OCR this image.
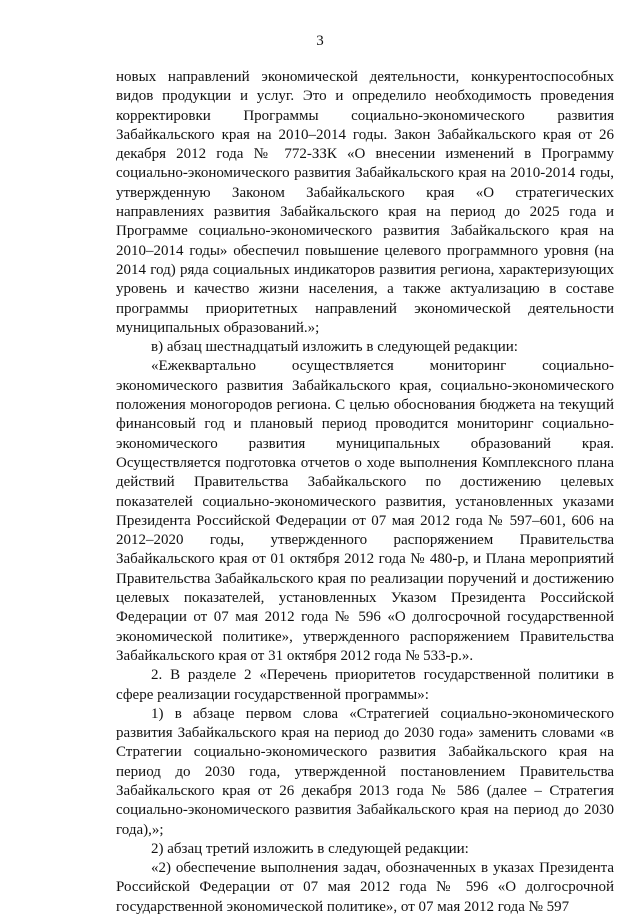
3

новых направлений экономической деятельности, конкурентоспособных видов продукции и услуг. Это и определило необходимость проведения корректировки Программы социально-экономического развития Забайкальского края на 2010–2014 годы. Закон Забайкальского края от 26 декабря 2012 года № 772-ЗЗК «О внесении изменений в Программу социально-экономического развития Забайкальского края на 2010-2014 годы, утвержденную Законом Забайкальского края «О стратегических направлениях развития Забайкальского края на период до 2025 года и Программе социально-экономического развития Забайкальского края на 2010–2014 годы» обеспечил повышение целевого программного уровня (на 2014 год) ряда социальных индикаторов развития региона, характеризующих уровень и качество жизни населения, а также актуализацию в составе программы приоритетных направлений экономической деятельности муниципальных образований.»;

в) абзац шестнадцатый изложить в следующей редакции:

«Ежеквартально осуществляется мониторинг социально-экономического развития Забайкальского края, социально-экономического положения моногородов региона. С целью обоснования бюджета на текущий финансовый год и плановый период проводится мониторинг социально-экономического развития муниципальных образований края. Осуществляется подготовка отчетов о ходе выполнения Комплексного плана действий Правительства Забайкальского по достижению целевых показателей социально-экономического развития, установленных указами Президента Российской Федерации от 07 мая 2012 года № 597–601, 606 на 2012–2020 годы, утвержденного распоряжением Правительства Забайкальского края от 01 октября 2012 года № 480-р, и Плана мероприятий Правительства Забайкальского края по реализации поручений и достижению целевых показателей, установленных Указом Президента Российской Федерации от 07 мая 2012 года № 596 «О долгосрочной государственной экономической политике», утвержденного распоряжением Правительства Забайкальского края от 31 октября 2012 года № 533-р.».

2. В разделе 2 «Перечень приоритетов государственной политики в сфере реализации государственной программы»:

1) в абзаце первом слова «Стратегией социально-экономического развития Забайкальского края на период до 2030 года» заменить словами «в Стратегии социально-экономического развития Забайкальского края на период до 2030 года, утвержденной постановлением Правительства Забайкальского края от 26 декабря 2013 года № 586 (далее – Стратегия социально-экономического развития Забайкальского края на период до 2030 года),»;

2) абзац третий изложить в следующей редакции:

«2) обеспечение выполнения задач, обозначенных в указах Президента Российской Федерации от 07 мая 2012 года № 596 «О долгосрочной государственной экономической политике», от 07 мая 2012 года № 597
